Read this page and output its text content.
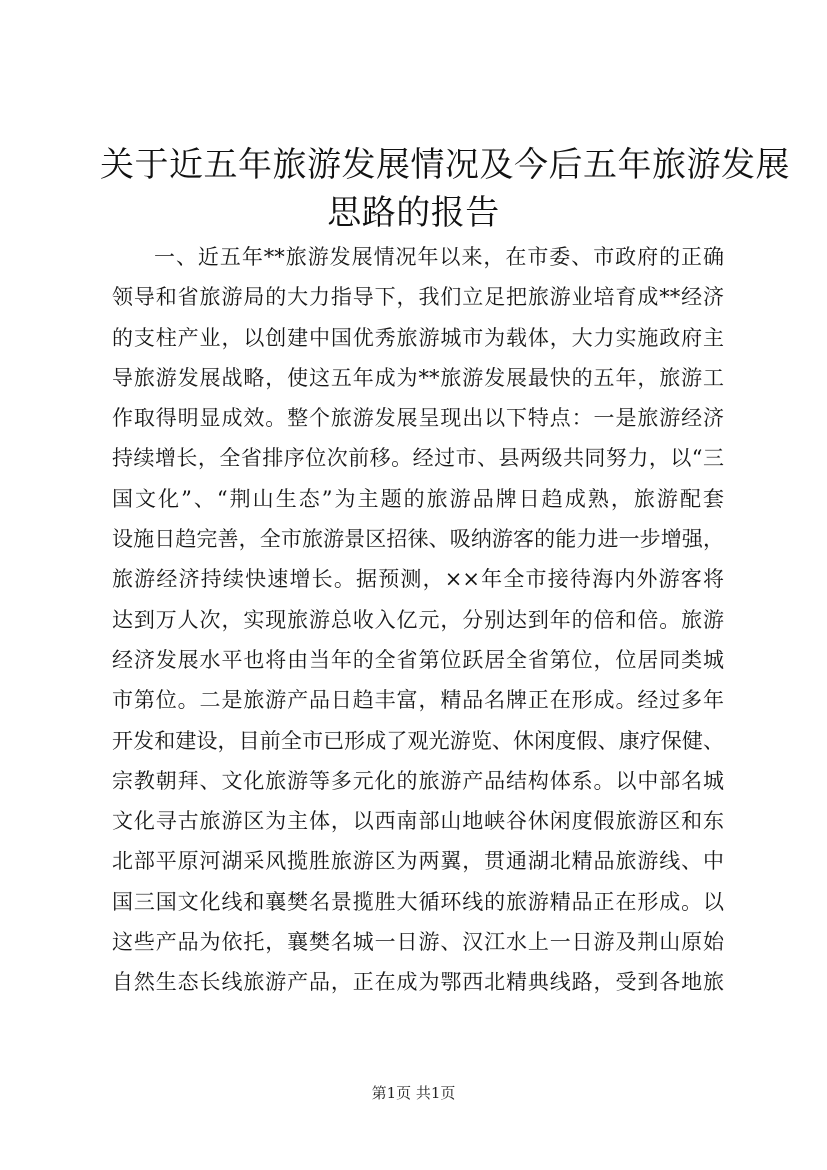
关于近五年旅游发展情况及今后五年旅游发展
思路的报告
一、近五年**旅游发展情况年以来，在市委、市政府的正确
领导和省旅游局的大力指导下，我们立足把旅游业培育成**经济
的支柱产业，以创建中国优秀旅游城市为载体，大力实施政府主
导旅游发展战略，使这五年成为**旅游发展最快的五年，旅游工
作取得明显成效。整个旅游发展呈现出以下特点：一是旅游经济
持续增长，全省排序位次前移。经过市、县两级共同努力，以“三
国文化”、“荆山生态”为主题的旅游品牌日趋成熟，旅游配套
设施日趋完善，全市旅游景区招徕、吸纳游客的能力进一步增强，
旅游经济持续快速增长。据预测，××年全市接待海内外游客将
达到万人次，实现旅游总收入亿元，分别达到年的倍和倍。旅游
经济发展水平也将由当年的全省第位跃居全省第位，位居同类城
市第位。二是旅游产品日趋丰富，精品名牌正在形成。经过多年
开发和建设，目前全市已形成了观光游览、休闲度假、康疗保健、
宗教朝拜、文化旅游等多元化的旅游产品结构体系。以中部名城
文化寻古旅游区为主体，以西南部山地峡谷休闲度假旅游区和东
北部平原河湖采风揽胜旅游区为两翼，贯通湖北精品旅游线、中
国三国文化线和襄樊名景揽胜大循环线的旅游精品正在形成。以
这些产品为依托，襄樊名城一日游、汉江水上一日游及荆山原始
自然生态长线旅游产品，正在成为鄂西北精典线路，受到各地旅
第1页 共1页
